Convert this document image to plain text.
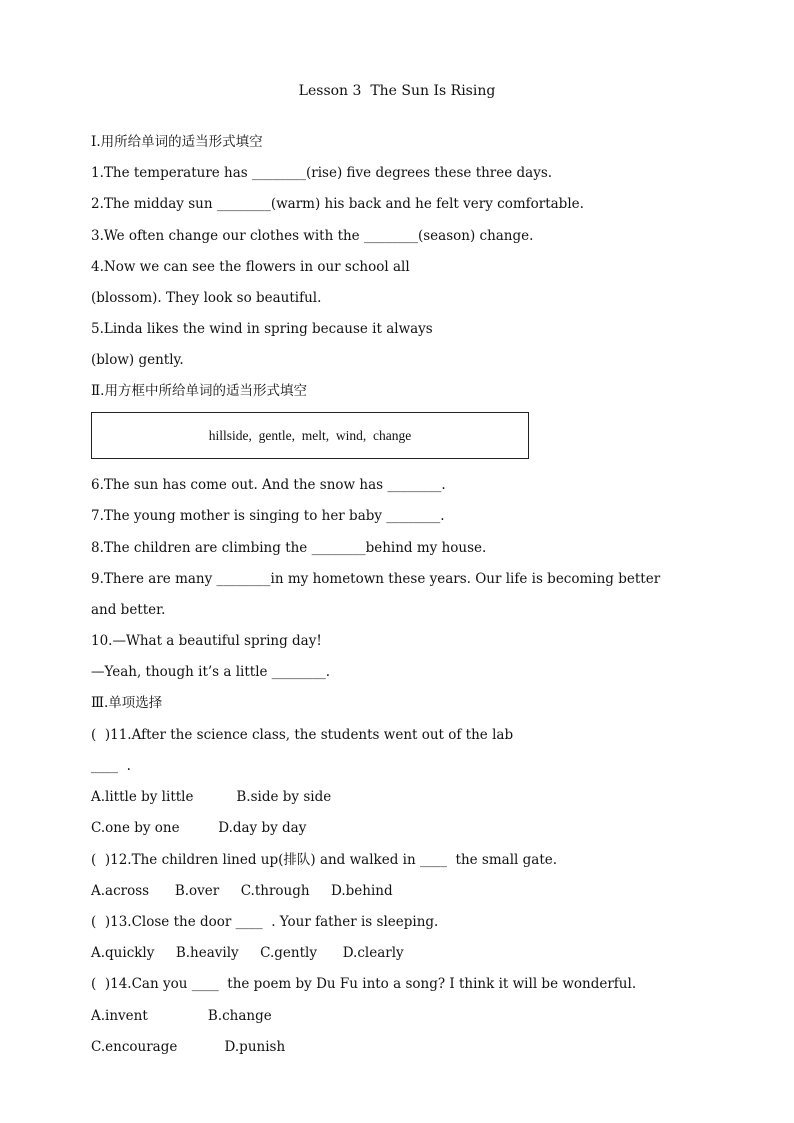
Lesson 3  The Sun Is Rising
Ⅰ.用所给单词的适当形式填空
1.The temperature has ________(rise) five degrees these three days.
2.The midday sun ________(warm) his back and he felt very comfortable.
3.We often change our clothes with the ________(season) change.
4.Now we can see the flowers in our school all
(blossom). They look so beautiful.
5.Linda likes the wind in spring because it always
(blow) gently.
Ⅱ.用方框中所给单词的适当形式填空
hillside,  gentle,  melt,  wind,  change
6.The sun has come out. And the snow has ________.
7.The young mother is singing to her baby ________.
8.The children are climbing the ________behind my house.
9.There are many ________in my hometown these years. Our life is becoming better
and better.
10.—What a beautiful spring day!
—Yeah, though it’s a little ________.
Ⅲ.单项选择
(  )11.After the science class, the students went out of the lab
____  .
A.little by little          B.side by side
C.one by one         D.day by day
(  )12.The children lined up(排队) and walked in ____  the small gate.
A.across      B.over     C.through     D.behind
(  )13.Close the door ____  . Your father is sleeping.
A.quickly     B.heavily     C.gently      D.clearly
(  )14.Can you ____  the poem by Du Fu into a song? I think it will be wonderful.
A.invent              B.change
C.encourage           D.punish
